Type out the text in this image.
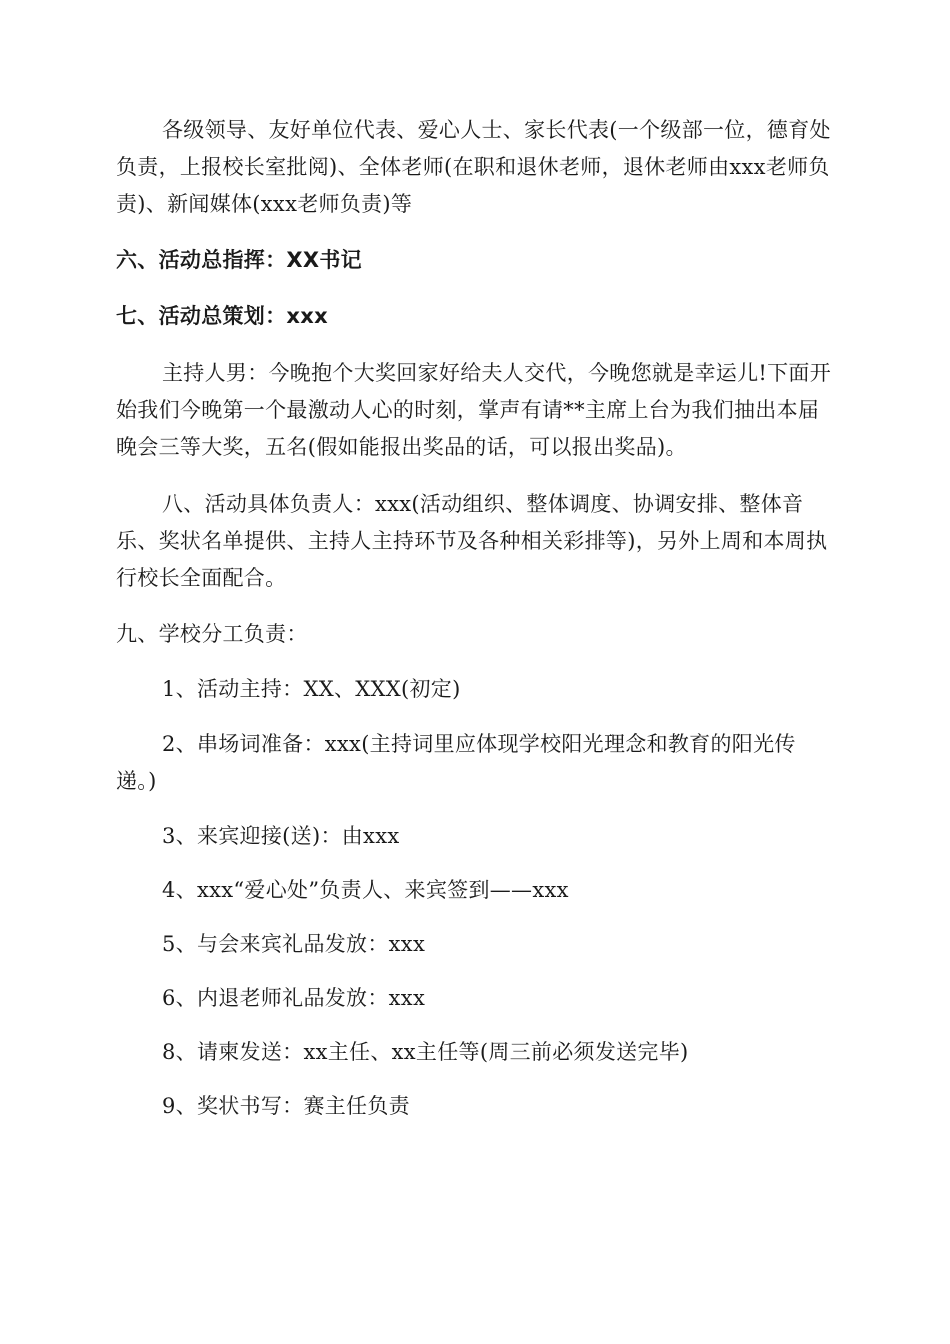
各级领导、友好单位代表、爱心人士、家长代表(一个级部一位，德育处负责，上报校长室批阅)、全体老师(在职和退休老师，退休老师由xxx老师负责)、新闻媒体(xxx老师负责)等

六、活动总指挥：XX书记

七、活动总策划：xxx

主持人男：今晚抱个大奖回家好给夫人交代，今晚您就是幸运儿!下面开始我们今晚第一个最激动人心的时刻，掌声有请**主席上台为我们抽出本届晚会三等大奖，五名(假如能报出奖品的话，可以报出奖品)。

八、活动具体负责人：xxx(活动组织、整体调度、协调安排、整体音乐、奖状名单提供、主持人主持环节及各种相关彩排等)，另外上周和本周执行校长全面配合。

九、学校分工负责：

1、活动主持：XX、XXX(初定)

2、串场词准备：xxx(主持词里应体现学校阳光理念和教育的阳光传递。)

3、来宾迎接(送)：由xxx

4、xxx“爱心处”负责人、来宾签到——xxx

5、与会来宾礼品发放：xxx

6、内退老师礼品发放：xxx

8、请柬发送：xx主任、xx主任等(周三前必须发送完毕)

9、奖状书写：赛主任负责
